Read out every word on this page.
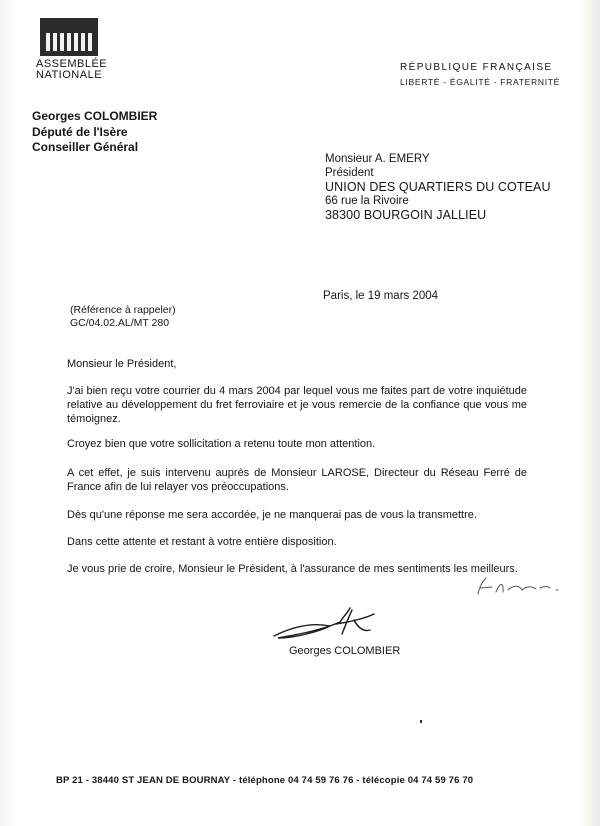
ASSEMBLÉE
NATIONALE
RÉPUBLIQUE FRANÇAISE
LIBERTÉ - ÉGALITÉ - FRATERNITÉ
Georges COLOMBIER
Député de l'Isère
Conseiller Général
Monsieur A. EMERY
Président
UNION DES QUARTIERS DU COTEAU
66 rue la Rivoire
38300 BOURGOIN JALLIEU
Paris, le 19 mars 2004
(Référence à rappeler)
GC/04.02.AL/MT 280
Monsieur le Président,
J'ai bien reçu votre courrier du 4 mars 2004 par lequel vous me faites part de votre inquiétude relative au développement du fret ferroviaire et je vous remercie de la confiance que vous me témoignez.
Croyez bien que votre sollicitation a retenu toute mon attention.
A cet effet, je suis intervenu auprès de Monsieur LAROSE, Directeur du Réseau Ferré de France afin de lui relayer vos préoccupations.
Dès qu'une réponse me sera accordée, je ne manquerai pas de vous la transmettre.
Dans cette attente et restant à votre entière disposition.
Je vous prie de croire, Monsieur le Président, à l'assurance de mes sentiments les meilleurs.
Georges COLOMBIER
BP 21 - 38440 ST JEAN DE BOURNAY - téléphone 04 74 59 76 76 - télécopie 04 74 59 76 70
